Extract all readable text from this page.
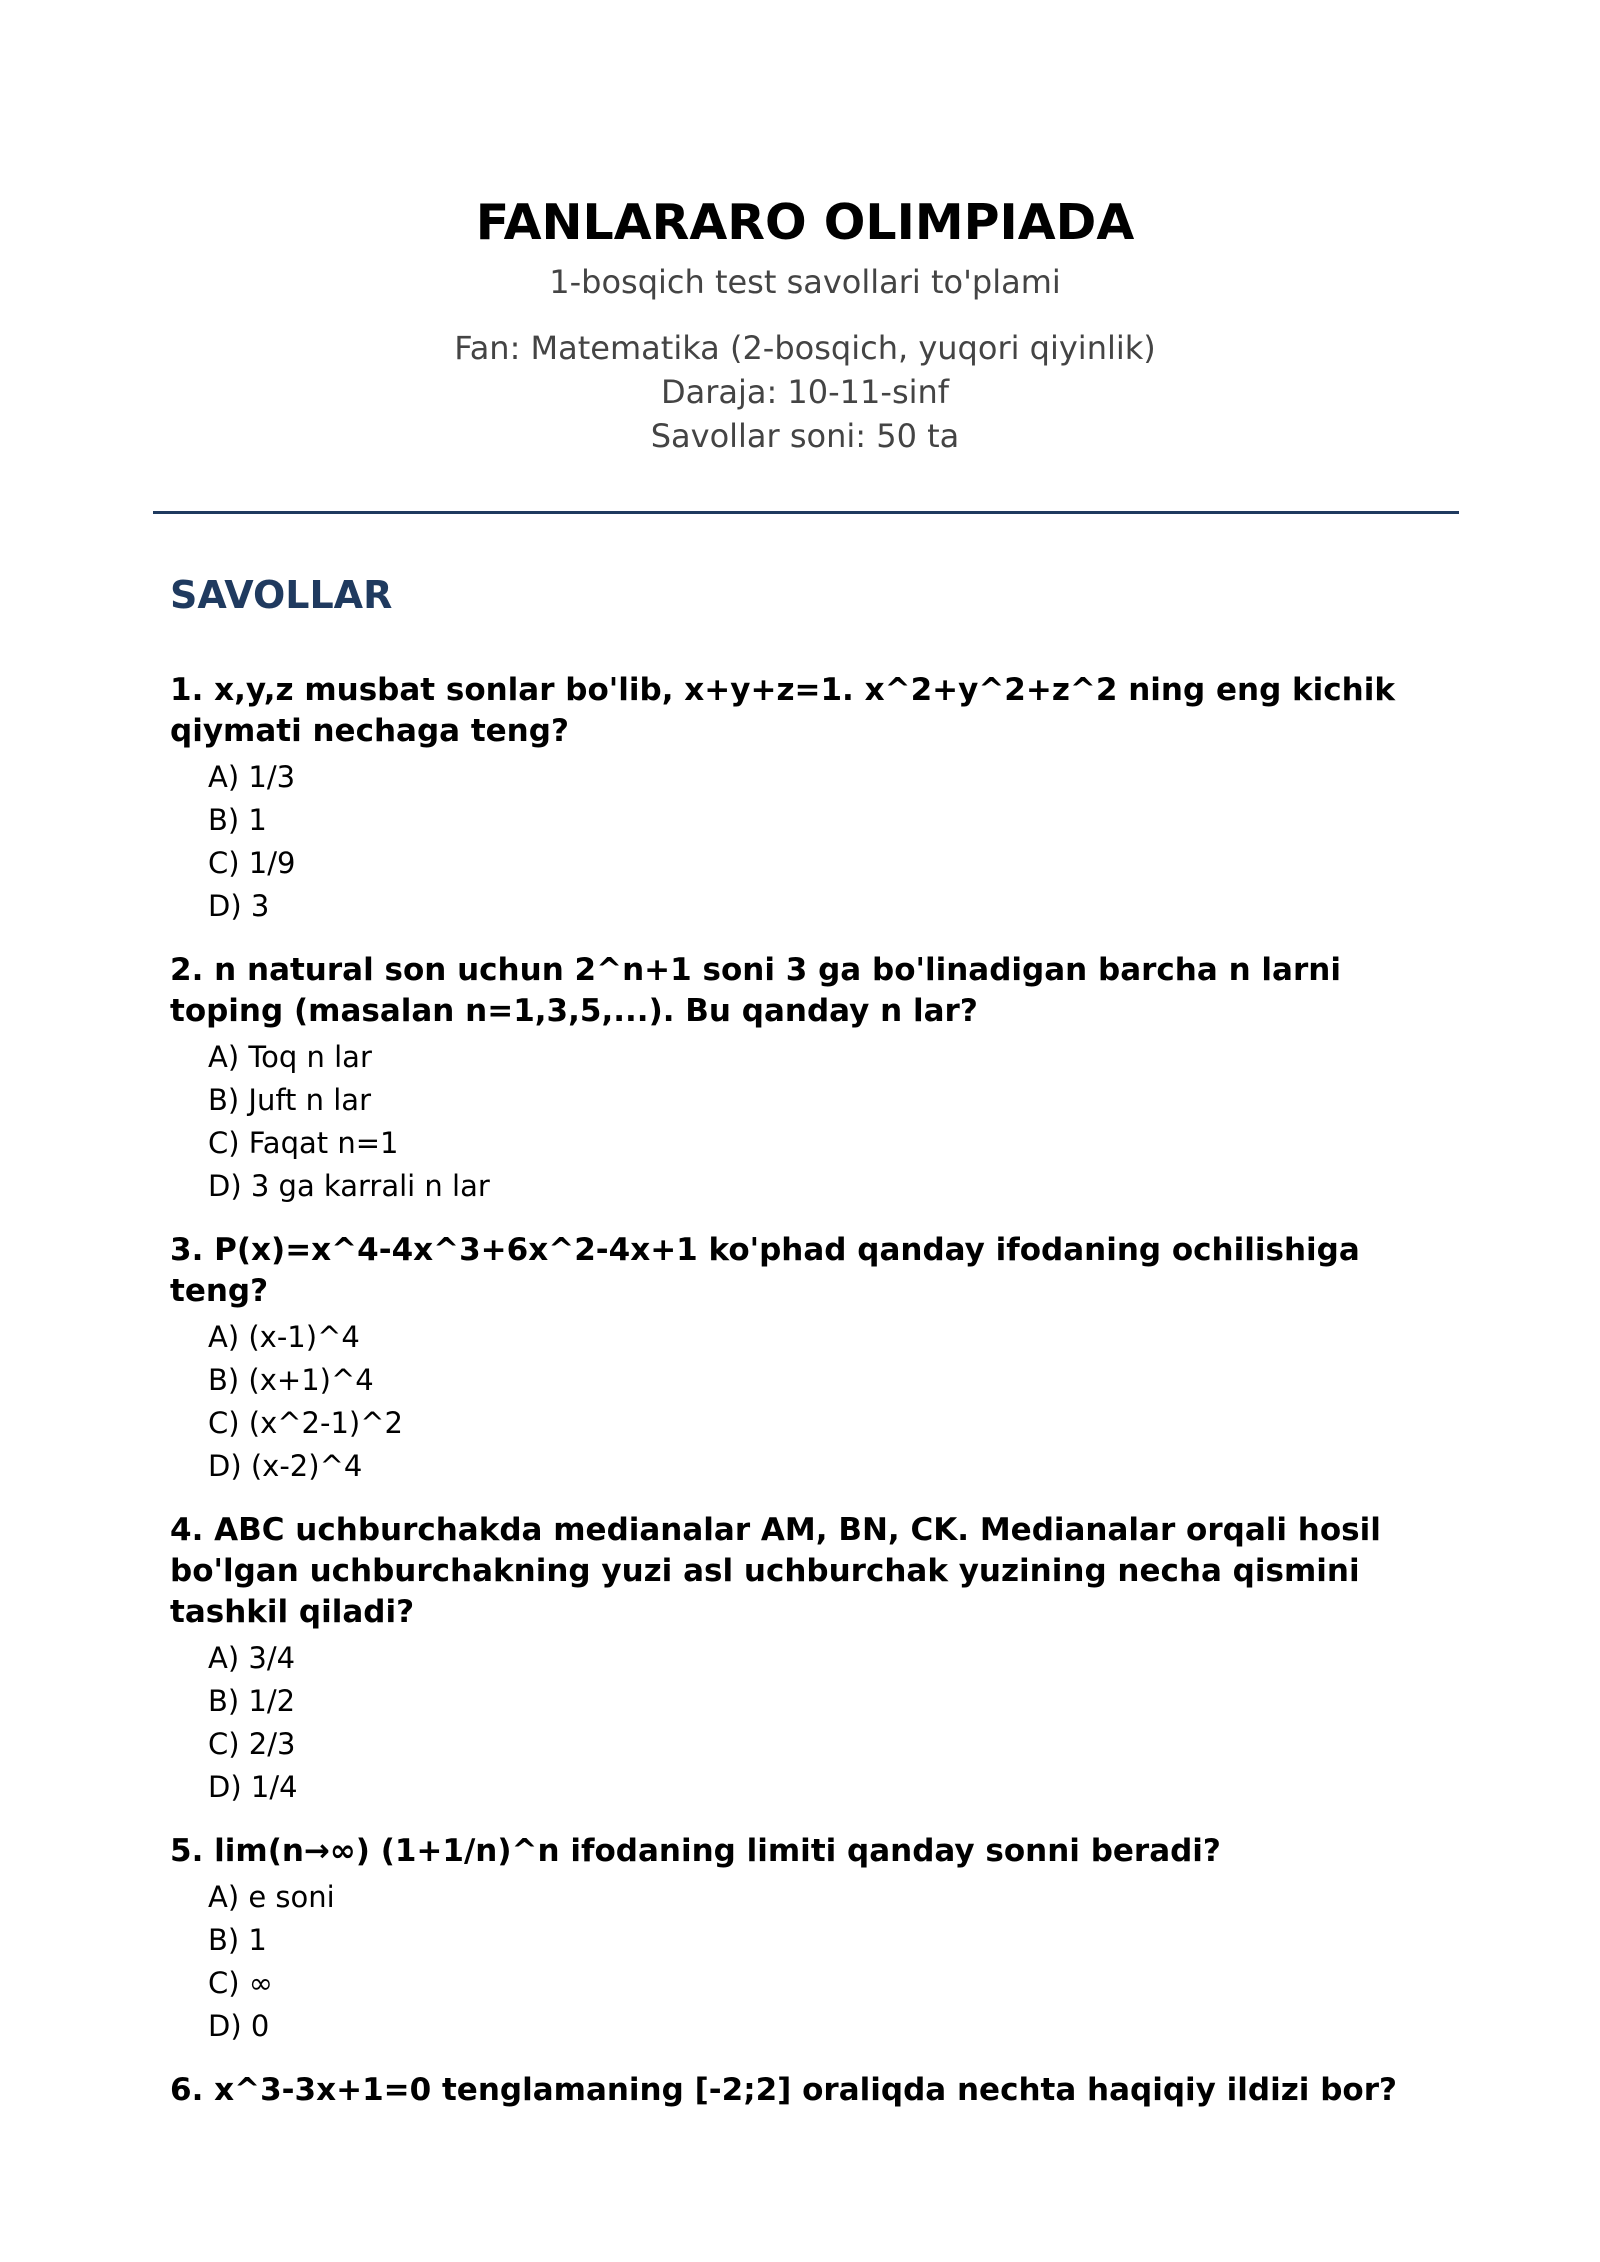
FANLARARO OLIMPIADA
1-bosqich test savollari to'plami
Fan: Matematika (2-bosqich, yuqori qiyinlik)
Daraja: 10-11-sinf
Savollar soni: 50 ta
SAVOLLAR

1. x,y,z musbat sonlar bo'lib, x+y+z=1. x^2+y^2+z^2 ning eng kichik qiymati nechaga teng?

A) 1/3
B) 1
C) 1/9
D) 3

2. n natural son uchun 2^n+1 soni 3 ga bo'linadigan barcha n larni toping (masalan n=1,3,5,...). Bu qanday n lar?

A) Toq n lar
B) Juft n lar
C) Faqat n=1
D) 3 ga karrali n lar

3. P(x)=x^4-4x^3+6x^2-4x+1 ko'phad qanday ifodaning ochilishiga teng?

A) (x-1)^4
B) (x+1)^4
C) (x^2-1)^2
D) (x-2)^4

4. ABC uchburchakda medianalar AM, BN, CK. Medianalar orqali hosil bo'lgan uchburchakning yuzi asl uchburchak yuzining necha qismini tashkil qiladi?

A) 3/4
B) 1/2
C) 2/3
D) 1/4

5. lim(n→∞) (1+1/n)^n ifodaning limiti qanday sonni beradi?

A) e soni
B) 1
C) ∞
D) 0

6. x^3-3x+1=0 tenglamaning [-2;2] oraliqda nechta haqiqiy ildizi bor?
